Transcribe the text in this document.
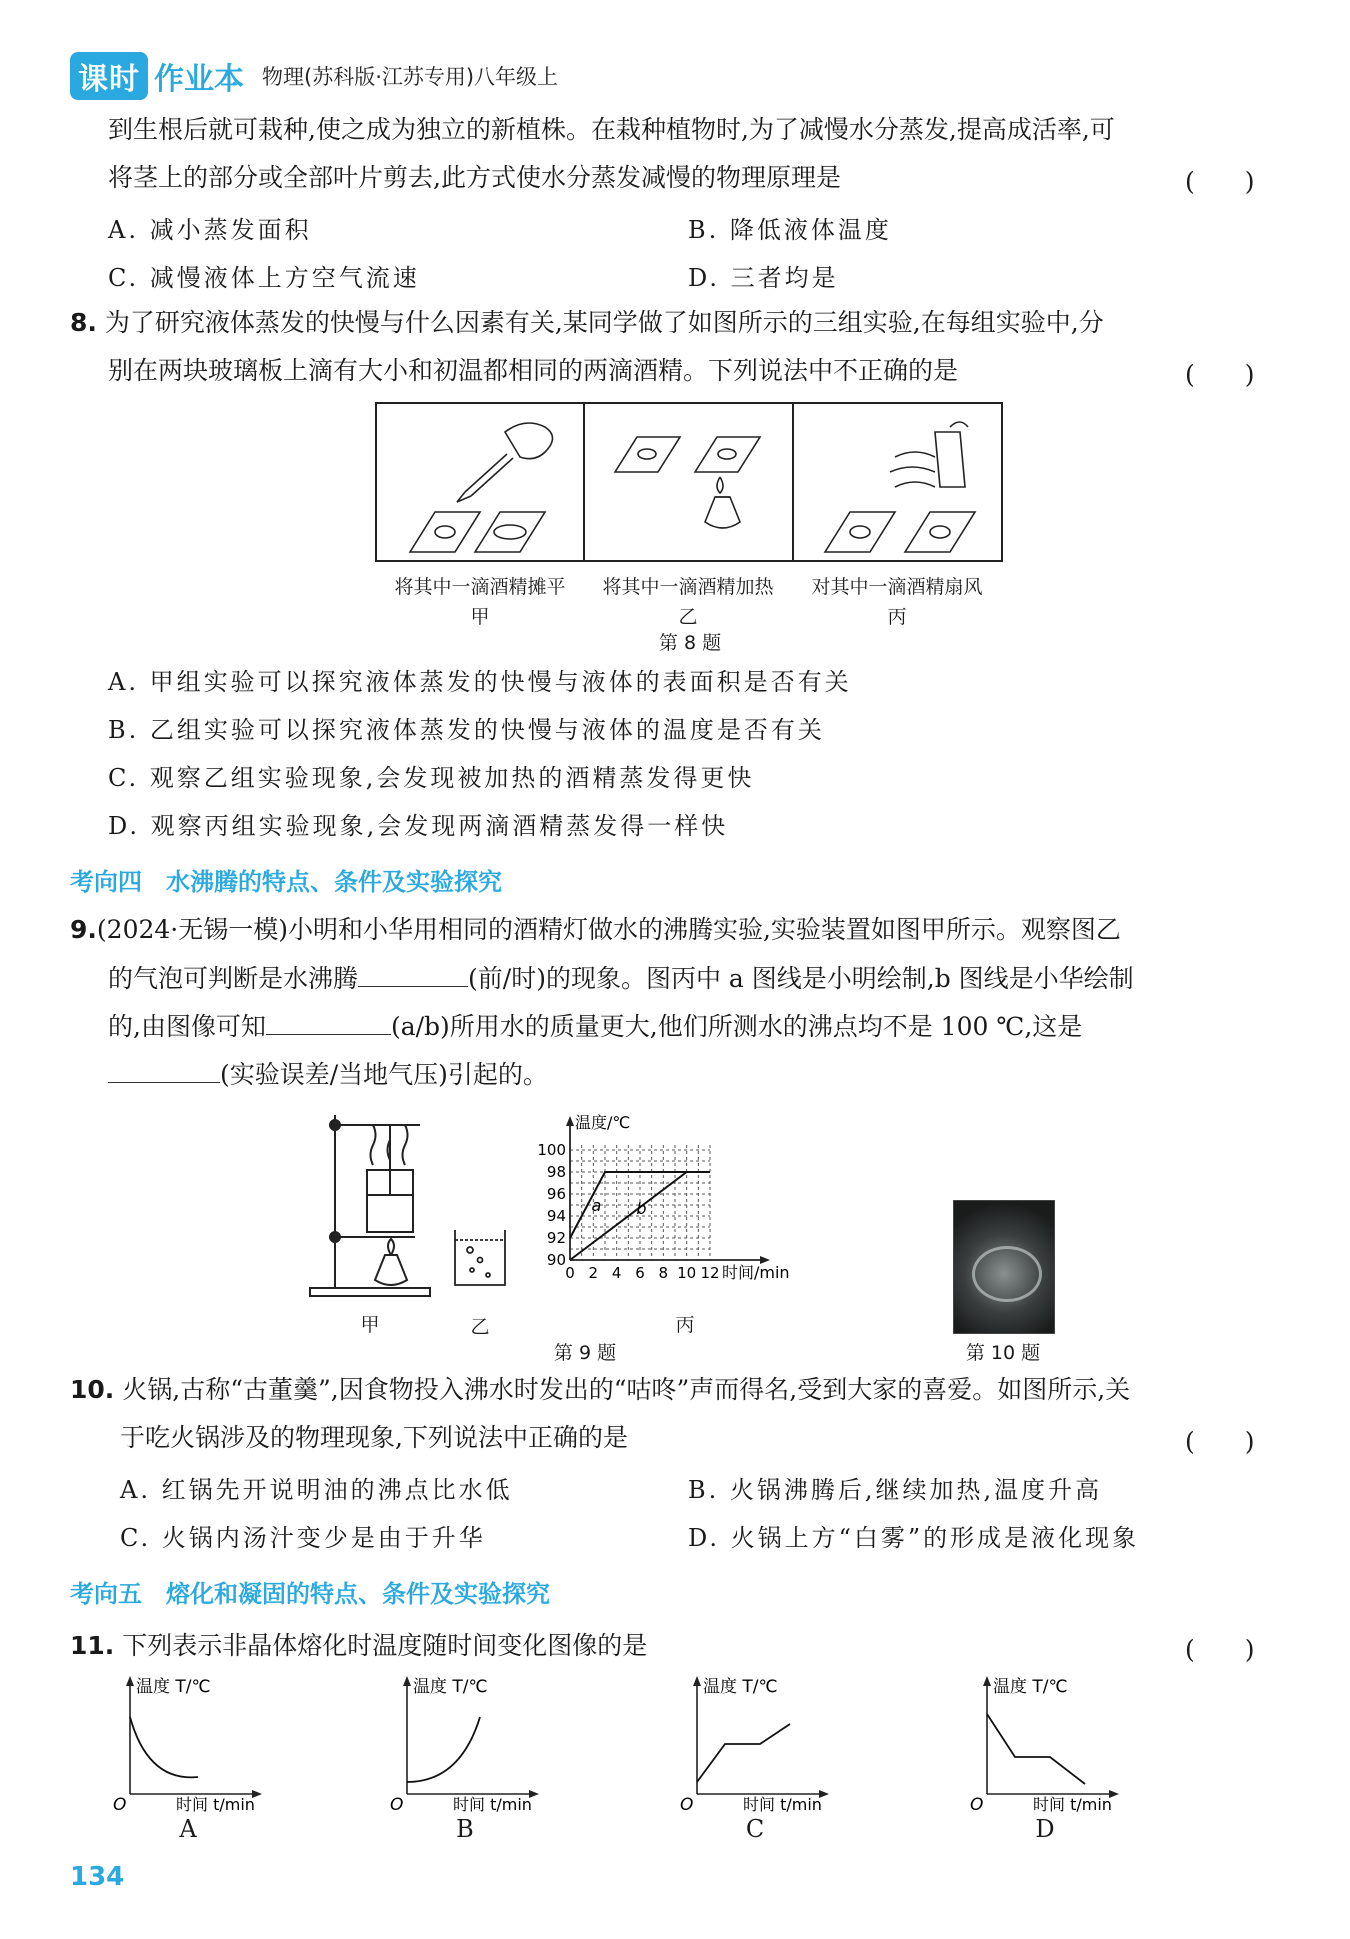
课时 作业本 物理(苏科版·江苏专用)八年级上
到生根后就可栽种,使之成为独立的新植株。在栽种植物时,为了减慢水分蒸发,提高成活率,可
将茎上的部分或全部叶片剪去,此方式使水分蒸发减慢的物理原理是	(　　)
A. 减小蒸发面积	B. 降低液体温度
C. 减慢液体上方空气流速	D. 三者均是
8. 为了研究液体蒸发的快慢与什么因素有关,某同学做了如图所示的三组实验,在每组实验中,分
别在两块玻璃板上滴有大小和初温都相同的两滴酒精。下列说法中不正确的是	(　　)
将其中一滴酒精摊平	将其中一滴酒精加热	对其中一滴酒精扇风
甲	乙	丙
第 8 题
A. 甲组实验可以探究液体蒸发的快慢与液体的表面积是否有关
B. 乙组实验可以探究液体蒸发的快慢与液体的温度是否有关
C. 观察乙组实验现象,会发现被加热的酒精蒸发得更快
D. 观察丙组实验现象,会发现两滴酒精蒸发得一样快
考向四　水沸腾的特点、条件及实验探究
9.(2024·无锡一模)小明和小华用相同的酒精灯做水的沸腾实验,实验装置如图甲所示。观察图乙
的气泡可判断是水沸腾	(前/时)的现象。图丙中 a 图线是小明绘制,b 图线是小华绘制
的,由图像可知	(a/b)所用水的质量更大,他们所测水的沸点均不是 100 ℃,这是
(实验误差/当地气压)引起的。
甲	乙
温度/℃
90
92
94
96
98
100
0 2 4 6 8 10 12 时间/min
a b
丙
第 9 题	第 10 题
10. 火锅,古称“古董羹”,因食物投入沸水时发出的“咕咚”声而得名,受到大家的喜爱。如图所示,关
于吃火锅涉及的物理现象,下列说法中正确的是	(　　)
A. 红锅先开说明油的沸点比水低	B. 火锅沸腾后,继续加热,温度升高
C. 火锅内汤汁变少是由于升华	D. 火锅上方“白雾”的形成是液化现象
考向五　熔化和凝固的特点、条件及实验探究
11. 下列表示非晶体熔化时温度随时间变化图像的是	(　　)
温度 T/℃
O	时间 t/min
A
温度 T/℃
O	时间 t/min
B
温度 T/℃
O	时间 t/min
C
温度 T/℃
O	时间 t/min
D
134
